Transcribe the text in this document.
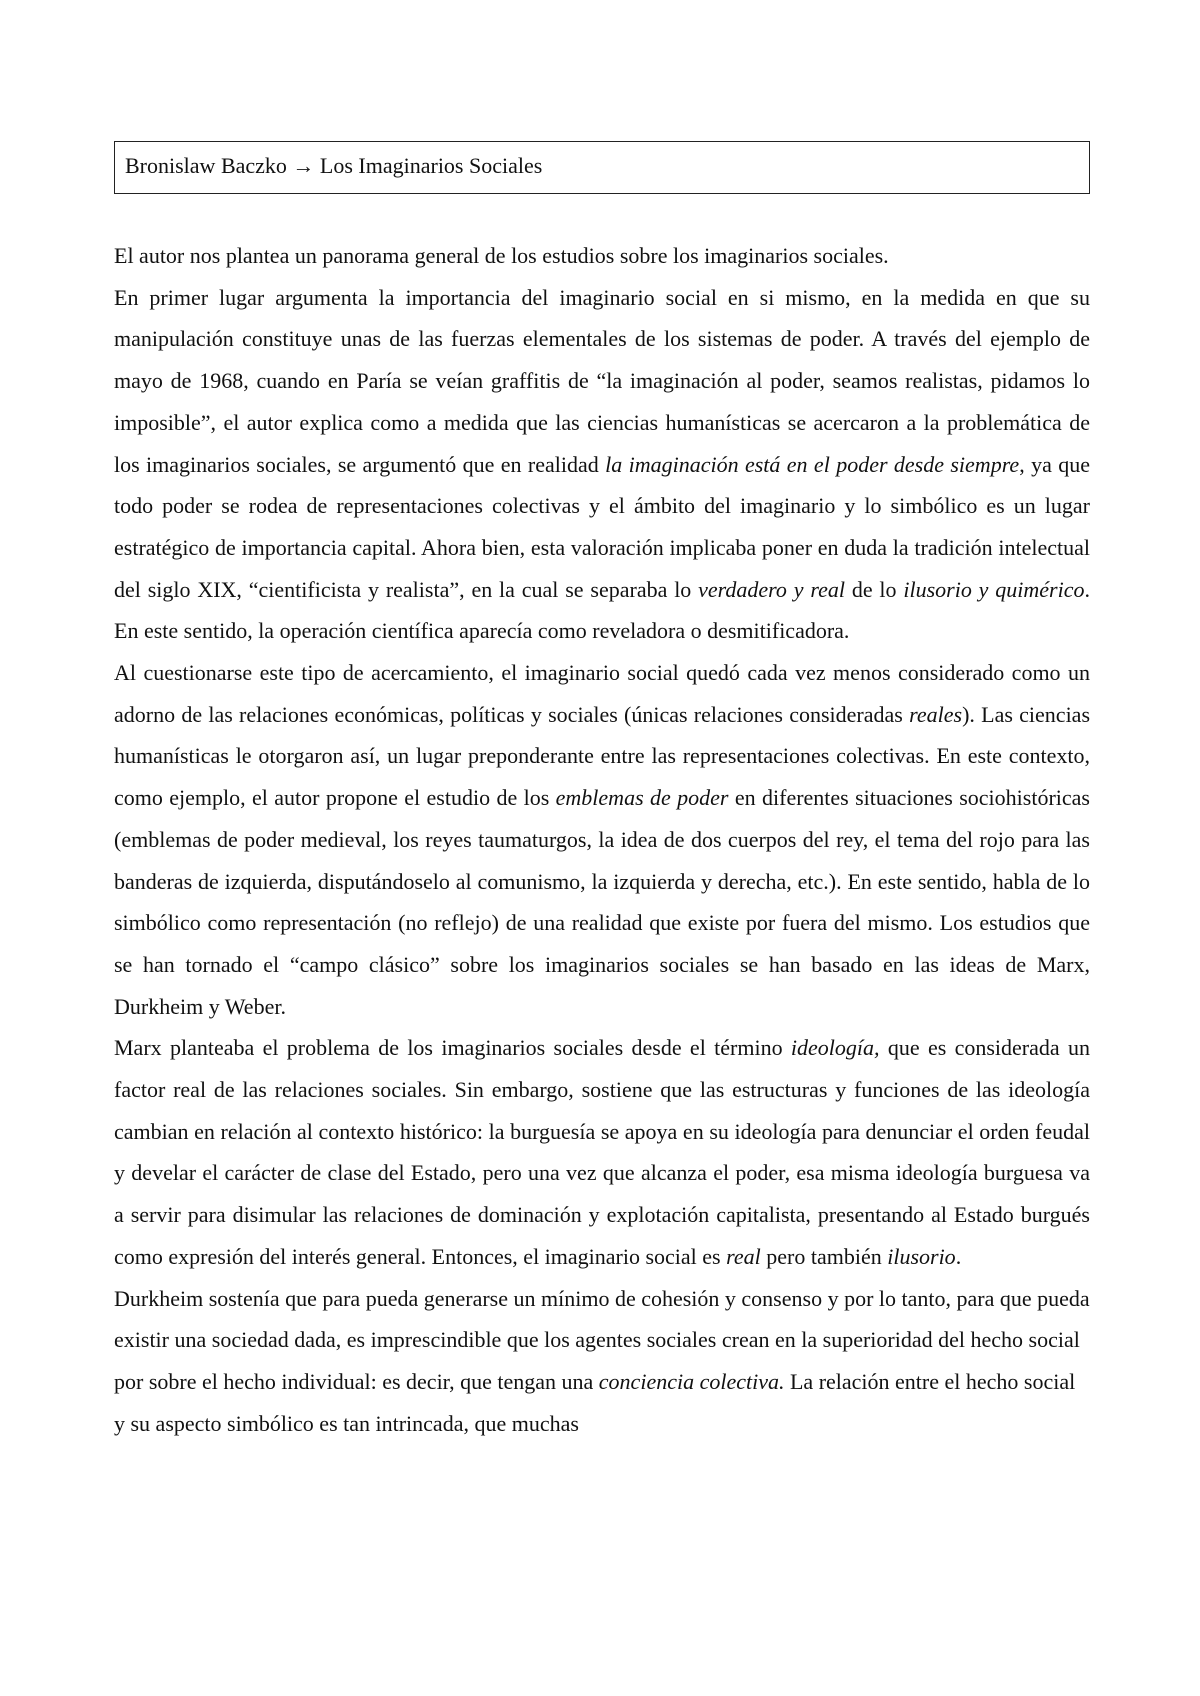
Bronislaw Baczko → Los Imaginarios Sociales

El autor nos plantea un panorama general de los estudios sobre los imaginarios sociales.

En primer lugar argumenta la importancia del imaginario social en si mismo, en la medida en que su manipulación constituye unas de las fuerzas elementales de los sistemas de poder. A través del ejemplo de mayo de 1968, cuando en Paría se veían graffitis de “la imaginación al poder, seamos realistas, pidamos lo imposible”, el autor explica como a medida que las ciencias humanísticas se acercaron a la problemática de los imaginarios sociales, se argumentó que en realidad la imaginación está en el poder desde siempre, ya que todo poder se rodea de representaciones colectivas y el ámbito del imaginario y lo simbólico es un lugar estratégico de importancia capital. Ahora bien, esta valoración implicaba poner en duda la tradición intelectual del siglo XIX, “cientificista y realista”, en la cual se separaba lo verdadero y real de lo ilusorio y quimérico. En este sentido, la operación científica aparecía como reveladora o desmitificadora.

Al cuestionarse este tipo de acercamiento, el imaginario social quedó cada vez menos considerado como un adorno de las relaciones económicas, políticas y sociales (únicas relaciones consideradas reales). Las ciencias humanísticas le otorgaron así, un lugar preponderante entre las representaciones colectivas. En este contexto, como ejemplo, el autor propone el estudio de los emblemas de poder en diferentes situaciones sociohistóricas (emblemas de poder medieval, los reyes taumaturgos, la idea de dos cuerpos del rey, el tema del rojo para las banderas de izquierda, disputándoselo al comunismo, la izquierda y derecha, etc.). En este sentido, habla de lo simbólico como representación (no reflejo) de una realidad que existe por fuera del mismo. Los estudios que se han tornado el “campo clásico” sobre los imaginarios sociales se han basado en las ideas de Marx, Durkheim y Weber.

Marx planteaba el problema de los imaginarios sociales desde el término ideología, que es considerada un factor real de las relaciones sociales. Sin embargo, sostiene que las estructuras y funciones de las ideología cambian en relación al contexto histórico: la burguesía se apoya en su ideología para denunciar el orden feudal y develar el carácter de clase del Estado, pero una vez que alcanza el poder, esa misma ideología burguesa va a servir para disimular las relaciones de dominación y explotación capitalista, presentando al Estado burgués como expresión del interés general. Entonces, el imaginario social es real pero también ilusorio.

Durkheim sostenía que para pueda generarse un mínimo de cohesión y consenso y por lo tanto, para que pueda existir una sociedad dada, es imprescindible que los agentes sociales crean en la superioridad del hecho social por sobre el hecho individual: es decir, que tengan una conciencia colectiva. La relación entre el hecho social y su aspecto simbólico es tan intrincada, que muchas
